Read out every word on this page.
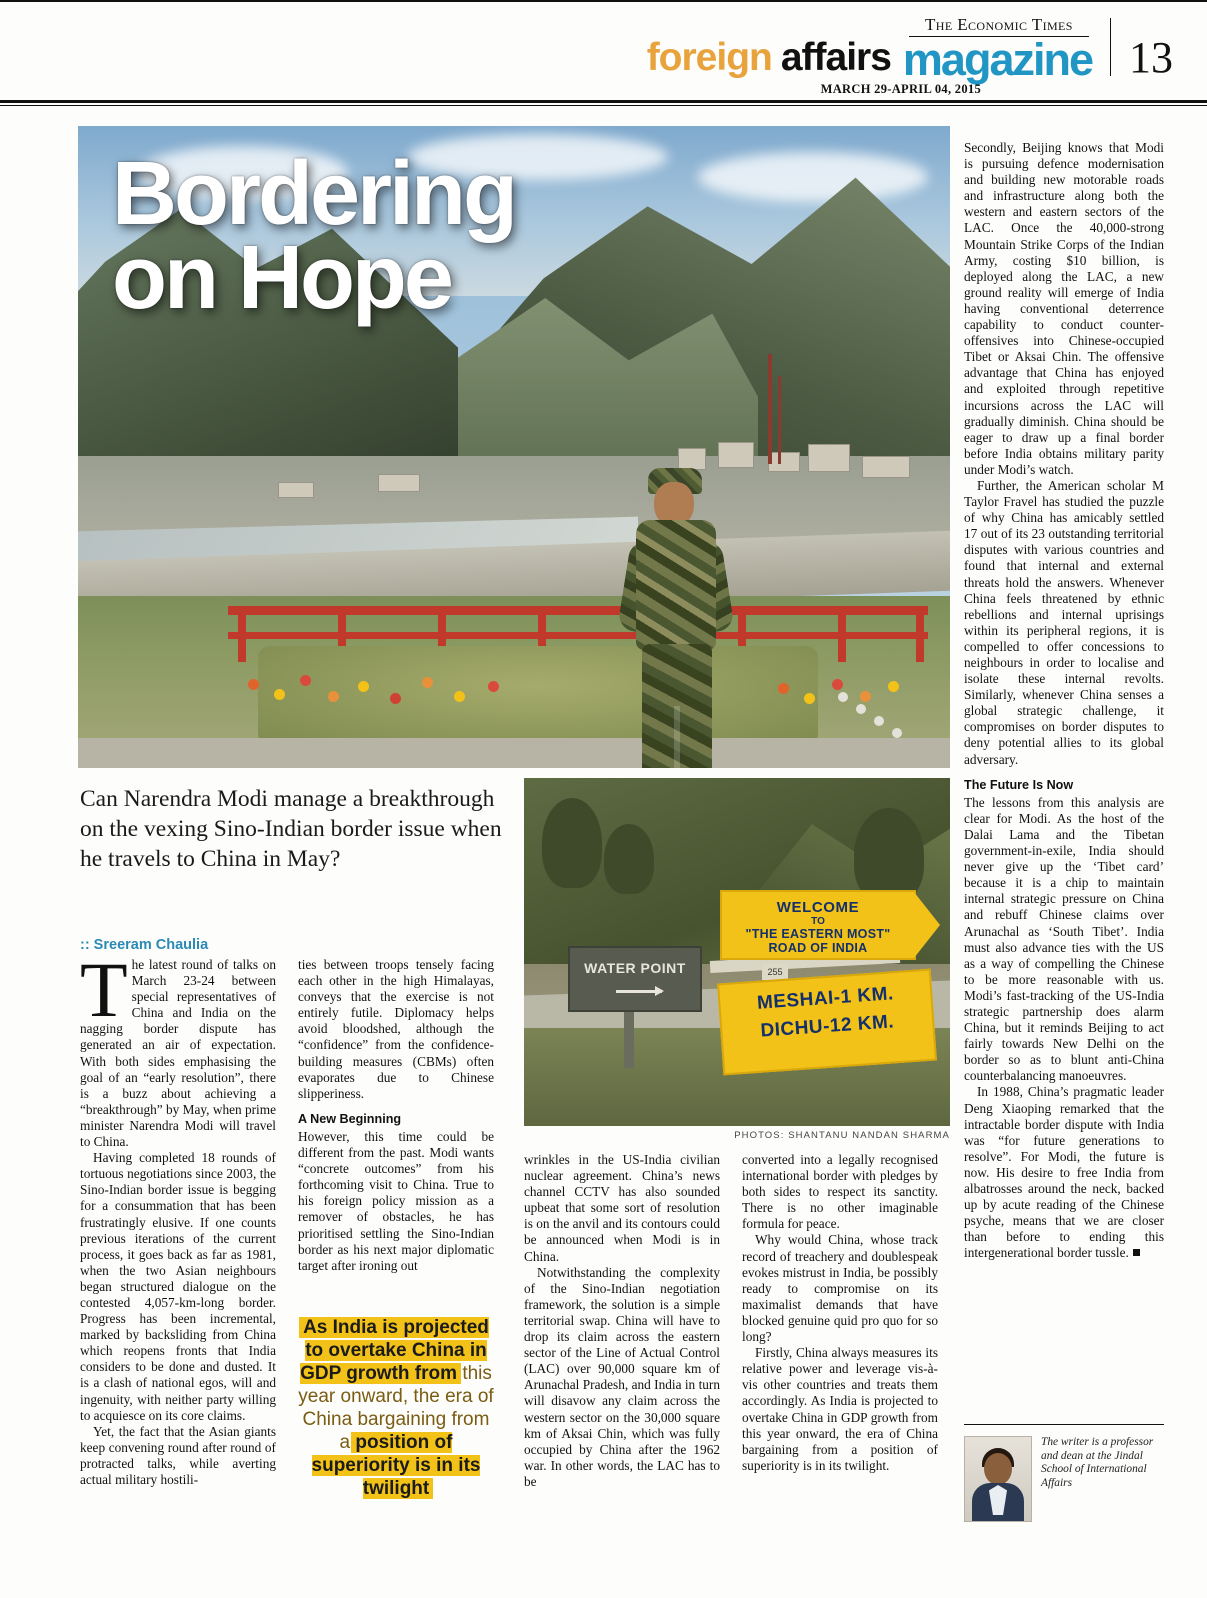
foreign affairs
The Economic Times
magazine 13
MARCH 29-APRIL 04, 2015
Bordering
on Hope
Can Narendra Modi manage a breakthrough on the vexing Sino-Indian border issue when he travels to China in May?
WATER POINT	255
WELCOME
TO
"THE EASTERN MOST"
ROAD OF INDIA
MESHAI-1 KM.
DICHU-12 KM.
PHOTOS: SHANTANU NANDAN SHARMA
:: Sreeram Chaulia

The latest round of talks on March 23-24 between special representatives of China and India on the nagging border dispute has generated an air of expectation. With both sides emphasising the goal of an “early resolution”, there is a buzz about achieving a “breakthrough” by May, when prime minister Narendra Modi will travel to China.

Having completed 18 rounds of tortuous negotiations since 2003, the Sino-Indian border issue is begging for a consummation that has been frustratingly elusive. If one counts previous iterations of the current process, it goes back as far as 1981, when the two Asian neighbours began structured dialogue on the contested 4,057-km-long border. Progress has been incremental, marked by backsliding from China which reopens fronts that India considers to be done and dusted. It is a clash of national egos, will and ingenuity, with neither party willing to acquiesce on its core claims.

Yet, the fact that the Asian giants keep convening round after round of protracted talks, while averting actual military hostili-

ties between troops tensely facing each other in the high Himalayas, conveys that the exercise is not entirely futile. Diplomacy helps avoid bloodshed, although the “confidence” from the confidence-building measures (CBMs) often evaporates due to Chinese slipperiness.

A New Beginning

However, this time could be different from the past. Modi wants “concrete outcomes” from his forthcoming visit to China. True to his foreign policy mission as a remover of obstacles, he has prioritised settling the Sino-Indian border as his next major diplomatic target after ironing out

As India is projected to overtake China in GDP growth from this year onward, the era of China bargaining from a position of superiority is in its twilight

wrinkles in the US-India civilian nuclear agreement. China’s news channel CCTV has also sounded upbeat that some sort of resolution is on the anvil and its contours could be announced when Modi is in China.

Notwithstanding the complexity of the Sino-Indian negotiation framework, the solution is a simple territorial swap. China will have to drop its claim across the eastern sector of the Line of Actual Control (LAC) over 90,000 square km of Arunachal Pradesh, and India in turn will disavow any claim across the western sector on the 30,000 square km of Aksai Chin, which was fully occupied by China after the 1962 war. In other words, the LAC has to be

converted into a legally recognised international border with pledges by both sides to respect its sanctity. There is no other imaginable formula for peace.

Why would China, whose track record of treachery and doublespeak evokes mistrust in India, be possibly ready to compromise on its maximalist demands that have blocked genuine quid pro quo for so long?

Firstly, China always measures its relative power and leverage vis-à-vis other countries and treats them accordingly. As India is projected to overtake China in GDP growth from this year onward, the era of China bargaining from a position of superiority is in its twilight.

Secondly, Beijing knows that Modi is pursuing defence modernisation and building new motorable roads and infrastructure along both the western and eastern sectors of the LAC. Once the 40,000-strong Mountain Strike Corps of the Indian Army, costing $10 billion, is deployed along the LAC, a new ground reality will emerge of India having conventional deterrence capability to conduct counter-offensives into Chinese-occupied Tibet or Aksai Chin. The offensive advantage that China has enjoyed and exploited through repetitive incursions across the LAC will gradually diminish. China should be eager to draw up a final border before India obtains military parity under Modi’s watch.

Further, the American scholar M Taylor Fravel has studied the puzzle of why China has amicably settled 17 out of its 23 outstanding territorial disputes with various countries and found that internal and external threats hold the answers. Whenever China feels threatened by ethnic rebellions and internal uprisings within its peripheral regions, it is compelled to offer concessions to neighbours in order to localise and isolate these internal revolts. Similarly, whenever China senses a global strategic challenge, it compromises on border disputes to deny potential allies to its global adversary.

The Future Is Now

The lessons from this analysis are clear for Modi. As the host of the Dalai Lama and the Tibetan government-in-exile, India should never give up the ‘Tibet card’ because it is a chip to maintain internal strategic pressure on China and rebuff Chinese claims over Arunachal as ‘South Tibet’. India must also advance ties with the US as a way of compelling the Chinese to be more reasonable with us. Modi’s fast-tracking of the US-India strategic partnership does alarm China, but it reminds Beijing to act fairly towards New Delhi on the border so as to blunt anti-China counterbalancing manoeuvres.

In 1988, China’s pragmatic leader Deng Xiaoping remarked that the intractable border dispute with India was “for future generations to resolve”. For Modi, the future is now. His desire to free India from albatrosses around the neck, backed up by acute reading of the Chinese psyche, means that we are closer than before to ending this intergenerational border tussle.

The writer is a professor and dean at the Jindal School of International Affairs
